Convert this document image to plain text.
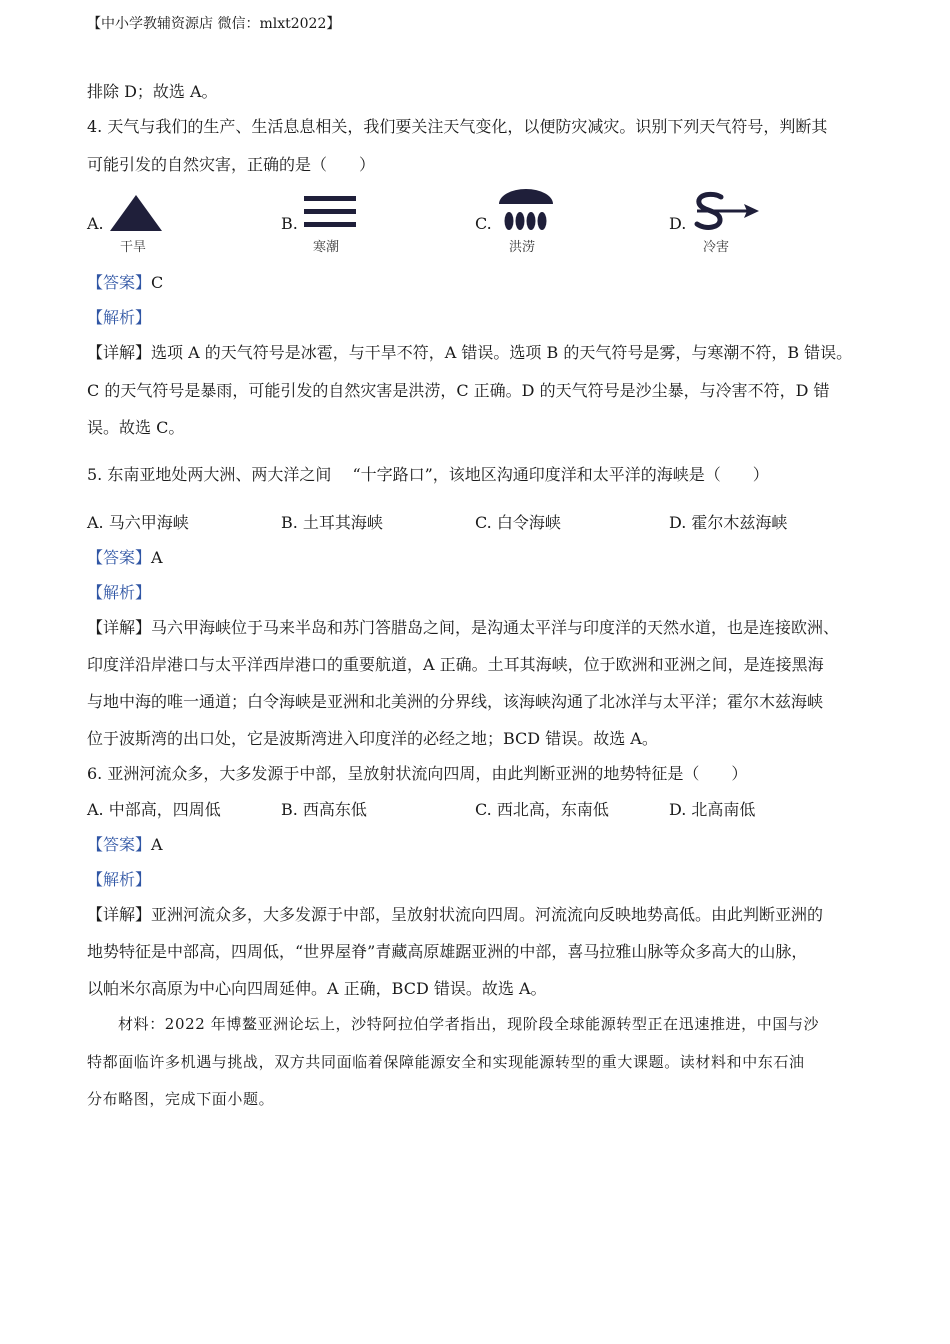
【中小学教辅资源店 微信：mlxt2022】
排除 D；故选 A。
4. 天气与我们的生产、生活息息相关，我们要关注天气变化，以便防灾减灾。识别下列天气符号，判断其
可能引发的自然灾害，正确的是（　　）
A.
干旱
B.
寒潮
C.
洪涝
D.
冷害
【答案】C
【解析】
【详解】选项 A 的天气符号是冰雹，与干旱不符，A 错误。选项 B 的天气符号是雾，与寒潮不符，B 错误。
C 的天气符号是暴雨，可能引发的自然灾害是洪涝，C 正确。D 的天气符号是沙尘暴，与冷害不符，D 错
误。故选 C。
5. 东南亚地处两大洲、两大洋之间 　“十字路口”，该地区沟通印度洋和太平洋的海峡是（　　）
A. 马六甲海峡	B. 土耳其海峡	C. 白令海峡	D. 霍尔木兹海峡
【答案】A
【解析】
【详解】马六甲海峡位于马来半岛和苏门答腊岛之间，是沟通太平洋与印度洋的天然水道，也是连接欧洲、
印度洋沿岸港口与太平洋西岸港口的重要航道，A 正确。土耳其海峡，位于欧洲和亚洲之间，是连接黑海
与地中海的唯一通道；白令海峡是亚洲和北美洲的分界线，该海峡沟通了北冰洋与太平洋；霍尔木兹海峡
位于波斯湾的出口处，它是波斯湾进入印度洋的必经之地；BCD 错误。故选 A。
6. 亚洲河流众多，大多发源于中部，呈放射状流向四周，由此判断亚洲的地势特征是（　　）
A. 中部高，四周低	B. 西高东低	C. 西北高，东南低	D. 北高南低
【答案】A
【解析】
【详解】亚洲河流众多，大多发源于中部，呈放射状流向四周。河流流向反映地势高低。由此判断亚洲的
地势特征是中部高，四周低，“世界屋脊”青藏高原雄踞亚洲的中部，喜马拉雅山脉等众多高大的山脉，
以帕米尔高原为中心向四周延伸。A 正确，BCD 错误。故选 A。
材料：2022 年博鳌亚洲论坛上，沙特阿拉伯学者指出，现阶段全球能源转型正在迅速推进，中国与沙
特都面临许多机遇与挑战，双方共同面临着保障能源安全和实现能源转型的重大课题。读材料和中东石油
分布略图，完成下面小题。
